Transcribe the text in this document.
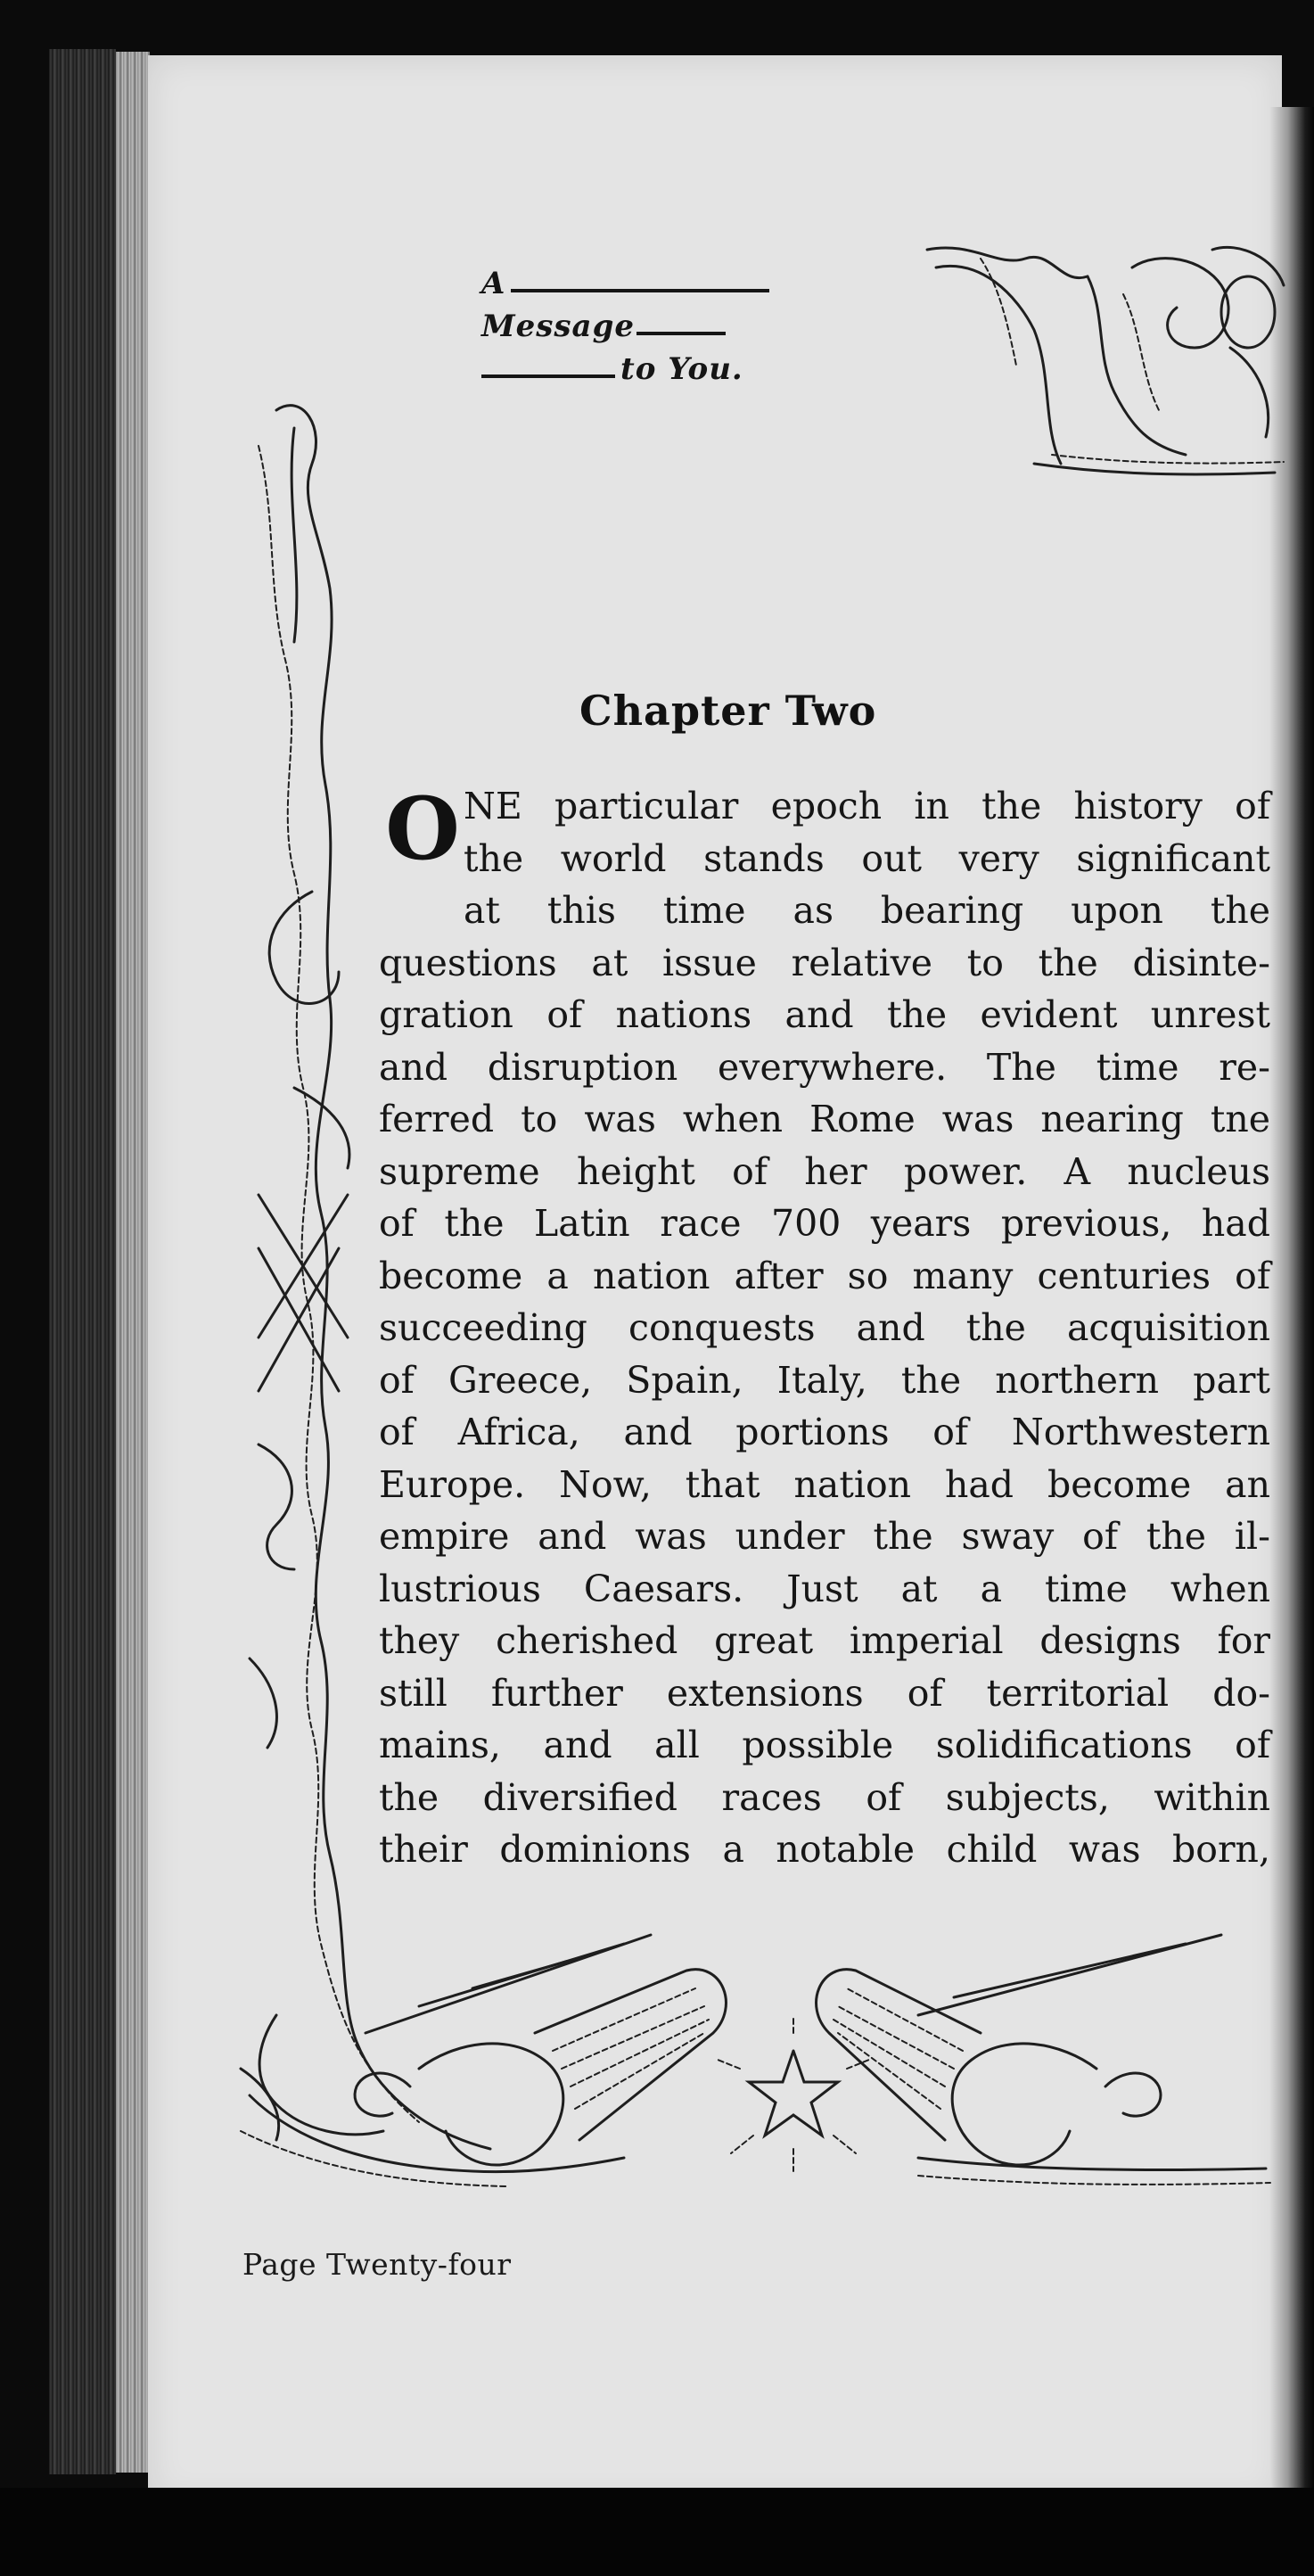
A
Message
to You.
Chapter Two
O NE particular epoch in the history of
the world stands out very significant
at this time as bearing upon the
questions at issue relative to the disinte-
gration of nations and the evident unrest
and disruption everywhere. The time re-
ferred to was when Rome was nearing tne
supreme height of her power. A nucleus
of the Latin race 700 years previous, had
become a nation after so many centuries of
succeeding conquests and the acquisition
of Greece, Spain, Italy, the northern part
of Africa, and portions of Northwestern
Europe. Now, that nation had become an
empire and was under the sway of the il-
lustrious Caesars. Just at a time when
they cherished great imperial designs for
still further extensions of territorial do-
mains, and all possible solidifications of
the diversified races of subjects, within
their dominions a notable child was born,
Page Twenty-four
